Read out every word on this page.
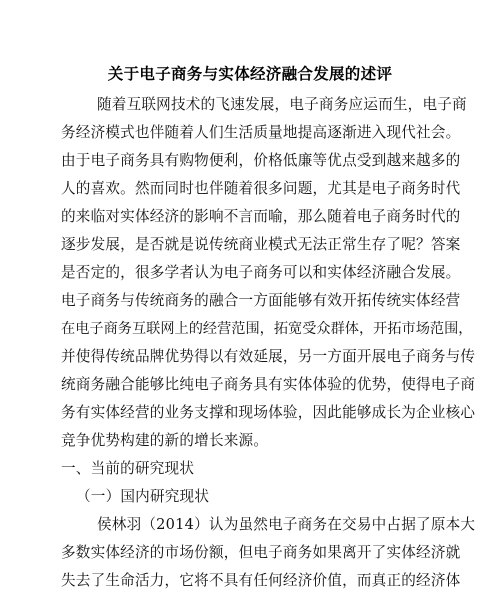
关于电子商务与实体经济融合发展的述评
随着互联网技术的飞速发展，电子商务应运而生，电子商
务经济模式也伴随着人们生活质量地提高逐渐进入现代社会。
由于电子商务具有购物便利，价格低廉等优点受到越来越多的
人的喜欢。然而同时也伴随着很多问题，尤其是电子商务时代
的来临对实体经济的影响不言而喻，那么随着电子商务时代的
逐步发展，是否就是说传统商业模式无法正常生存了呢？答案
是否定的，很多学者认为电子商务可以和实体经济融合发展。
电子商务与传统商务的融合一方面能够有效开拓传统实体经营
在电子商务互联网上的经营范围，拓宽受众群体，开拓市场范围，
并使得传统品牌优势得以有效延展，另一方面开展电子商务与传
统商务融合能够比纯电子商务具有实体体验的优势，使得电子商
务有实体经营的业务支撑和现场体验，因此能够成长为企业核心
竞争优势构建的新的增长来源。
一、当前的研究现状
（一）国内研究现状
侯林羽（2014）认为虽然电子商务在交易中占据了原本大
多数实体经济的市场份额，但电子商务如果离开了实体经济就
失去了生命活力，它将不具有任何经济价值，而真正的经济体
